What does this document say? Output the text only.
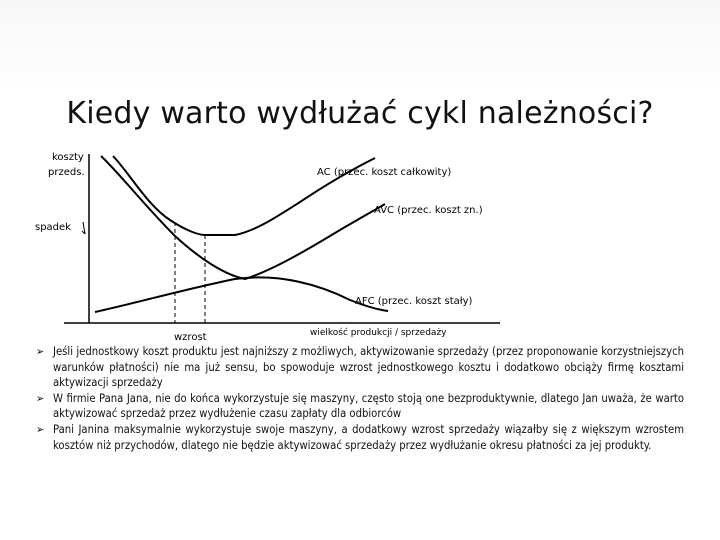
Kiedy warto wydłużać cykl należności?
koszty
przeds.
spadek
AC (przec. koszt całkowity)
AVC (przec. koszt zn.)
AFC (przec. koszt stały)
wielkość produkcji / sprzedaży
wzrost
➢ Jeśli jednostkowy koszt produktu jest najniższy z możliwych, aktywizowanie sprzedaży (przez proponowanie korzystniejszych warunków płatności) nie ma już sensu, bo spowoduje wzrost jednostkowego kosztu i dodatkowo obciąży firmę kosztami aktywizacji sprzedaży
➢ W firmie Pana Jana, nie do końca wykorzystuje się maszyny, często stoją one bezproduktywnie, dlatego Jan uważa, że warto aktywizować sprzedaż przez wydłużenie czasu zapłaty dla odbiorców
➢ Pani Janina maksymalnie wykorzystuje swoje maszyny, a dodatkowy wzrost sprzedaży wiązałby się z większym wzrostem kosztów niż przychodów, dlatego nie będzie aktywizować sprzedaży przez wydłużanie okresu płatności za jej produkty.
